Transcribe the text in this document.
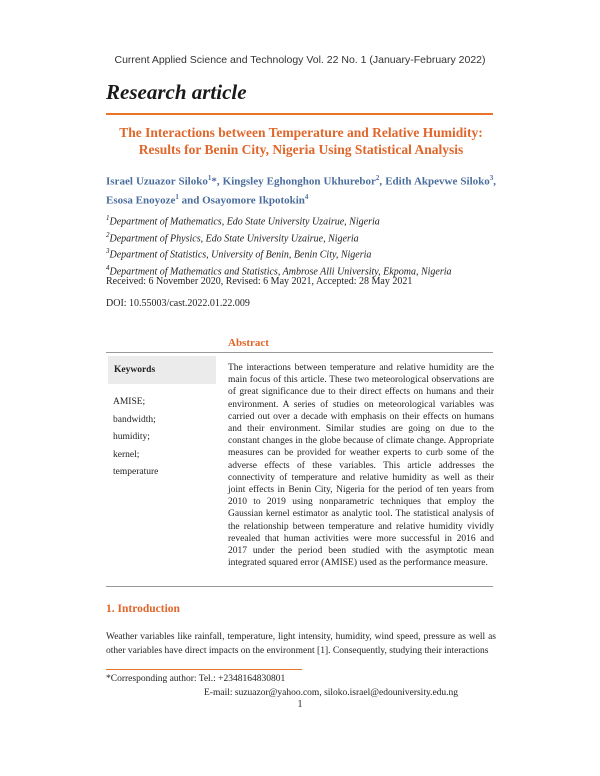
Current Applied Science and Technology Vol. 22 No. 1 (January-February 2022)
Research article
The Interactions between Temperature and Relative Humidity:
Results for Benin City, Nigeria Using Statistical Analysis
Israel Uzuazor Siloko$^1$*, Kingsley Eghonghon Ukhurebor$^2$, Edith Akpevwe Siloko$^3$, Esosa Enoyoze$^1$ and Osayomore Ikpotokin$^4$
$^1$Department of Mathematics, Edo State University Uzairue, Nigeria
$^2$Department of Physics, Edo State University Uzairue, Nigeria
$^3$Department of Statistics, University of Benin, Benin City, Nigeria
$^4$Department of Mathematics and Statistics, Ambrose Alli University, Ekpoma, Nigeria
Received: 6 November 2020, Revised: 6 May 2021, Accepted: 28 May 2021
DOI: 10.55003/cast.2022.01.22.009
Abstract
Keywords
AMISE;
bandwidth;
humidity;
kernel;
temperature
The interactions between temperature and relative humidity are the main focus of this article. These two meteorological observations are of great significance due to their direct effects on humans and their environment. A series of studies on meteorological variables was carried out over a decade with emphasis on their effects on humans and their environment. Similar studies are going on due to the constant changes in the globe because of climate change. Appropriate measures can be provided for weather experts to curb some of the adverse effects of these variables. This article addresses the connectivity of temperature and relative humidity as well as their joint effects in Benin City, Nigeria for the period of ten years from 2010 to 2019 using nonparametric techniques that employ the Gaussian kernel estimator as analytic tool. The statistical analysis of the relationship between temperature and relative humidity vividly revealed that human activities were more successful in 2016 and 2017 under the period been studied with the asymptotic mean integrated squared error (AMISE) used as the performance measure.
1. Introduction
Weather variables like rainfall, temperature, light intensity, humidity, wind speed, pressure as well as other variables have direct impacts on the environment [1]. Consequently, studying their interactions
*Corresponding author: Tel.: +2348164830801
E-mail: suzuazor@yahoo.com, siloko.israel@edouniversity.edu.ng
1
